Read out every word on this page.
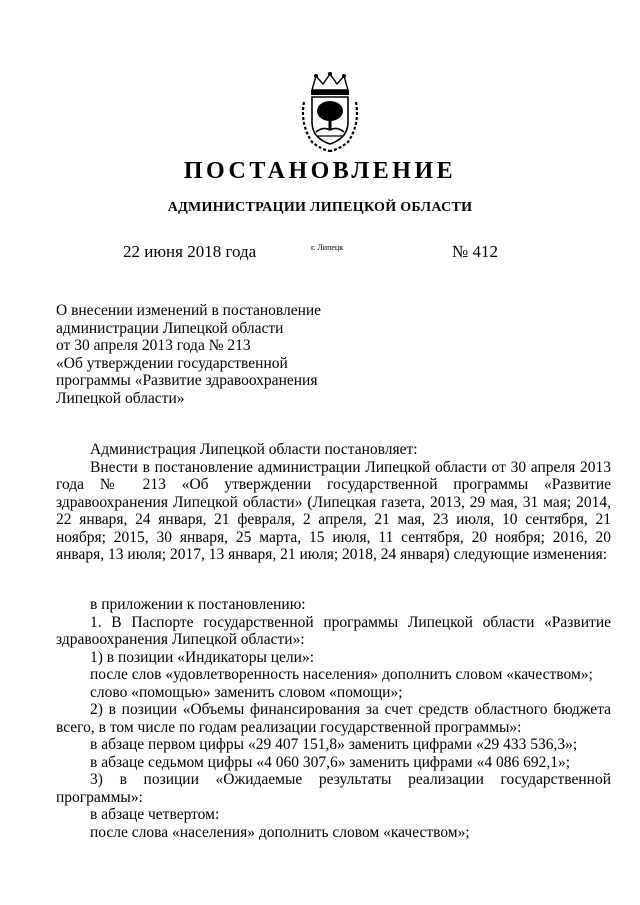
ПОСТАНОВЛЕНИЕ
АДМИНИСТРАЦИИ ЛИПЕЦКОЙ ОБЛАСТИ
22 июня 2018 года	г. Липецк	№ 412
О внесении изменений в постановление
администрации Липецкой области
от 30 апреля 2013 года № 213
«Об утверждении государственной
программы «Развитие здравоохранения
Липецкой области»
Администрация Липецкой области постановляет:
Внести в постановление администрации Липецкой области от 30 апреля 2013 года № 213 «Об утверждении государственной программы «Развитие здравоохранения Липецкой области» (Липецкая газета, 2013, 29 мая, 31 мая; 2014, 22 января, 24 января, 21 февраля, 2 апреля, 21 мая, 23 июля, 10 сентября, 21 ноября; 2015, 30 января, 25 марта, 15 июля, 11 сентября, 20 ноября; 2016, 20 января, 13 июля; 2017, 13 января, 21 июля; 2018, 24 января) следующие изменения:
в приложении к постановлению:
1. В Паспорте государственной программы Липецкой области «Развитие здравоохранения Липецкой области»:
1) в позиции «Индикаторы цели»:
после слов «удовлетворенность населения» дополнить словом «качеством»;
слово «помощью» заменить словом «помощи»;
2) в позиции «Объемы финансирования за счет средств областного бюджета всего, в том числе по годам реализации государственной программы»:
в абзаце первом цифры «29 407 151,8» заменить цифрами «29 433 536,3»;
в абзаце седьмом цифры «4 060 307,6» заменить цифрами «4 086 692,1»;
3) в позиции «Ожидаемые результаты реализации государственной программы»:
в абзаце четвертом:
после слова «населения» дополнить словом «качеством»;
